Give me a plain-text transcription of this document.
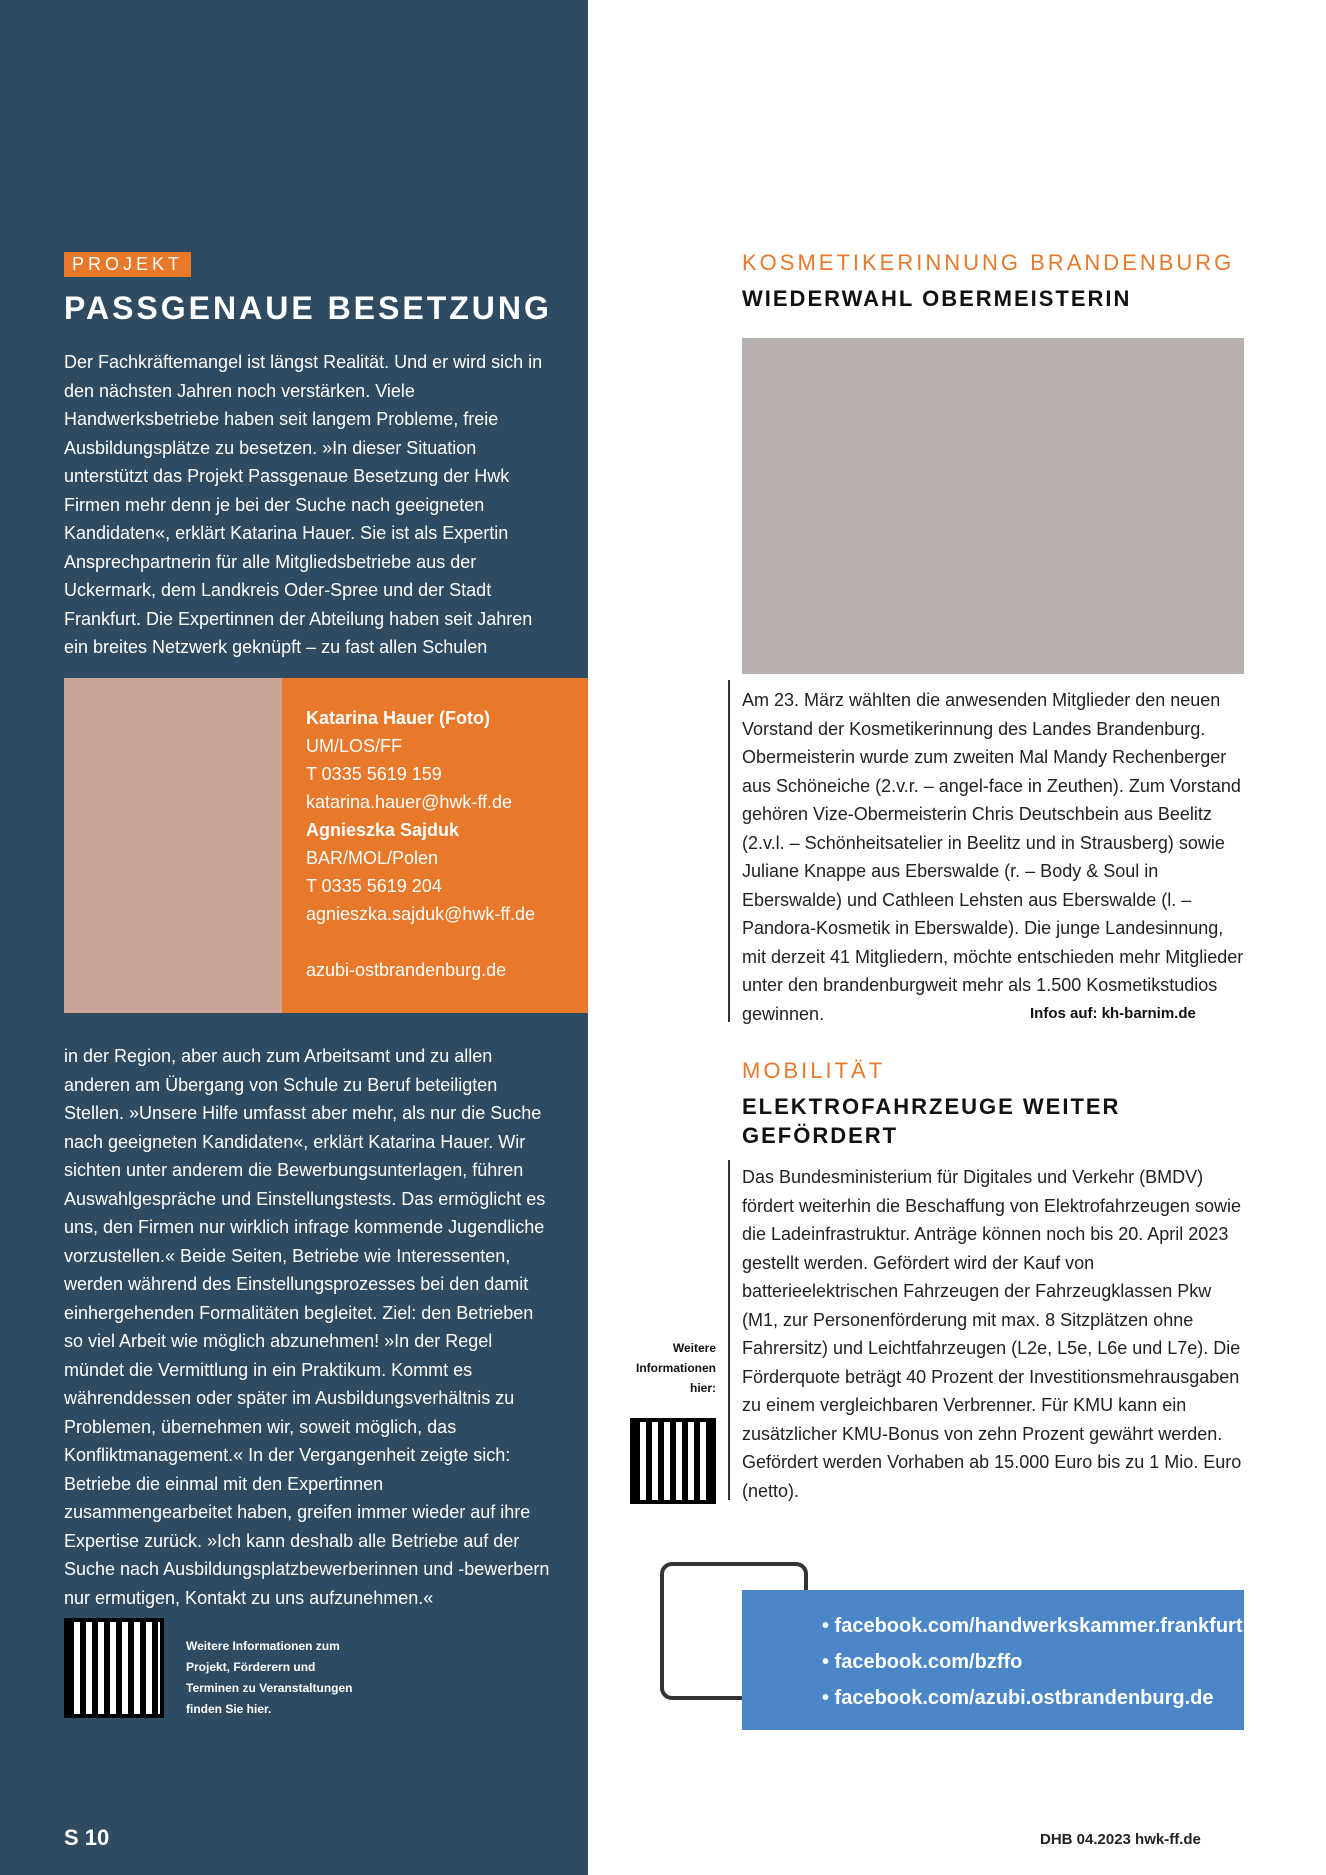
PROJEKT
PASSGENAUE BESETZUNG
Der Fachkräftemangel ist längst Realität. Und er wird sich in den nächsten Jahren noch verstärken. Viele Handwerksbetriebe haben seit langem Probleme, freie Ausbildungsplätze zu besetzen. »In dieser Situation unterstützt das Projekt Passgenaue Besetzung der Hwk Firmen mehr denn je bei der Suche nach geeigneten Kandidaten«, erklärt Katarina Hauer. Sie ist als Expertin Ansprechpartnerin für alle Mitgliedsbetriebe aus der Uckermark, dem Landkreis Oder-Spree und der Stadt Frankfurt. Die Expertinnen der Abteilung haben seit Jahren ein breites Netzwerk geknüpft – zu fast allen Schulen
Katarina Hauer (Foto)
UM/LOS/FF
T 0335 5619 159
katarina.hauer@hwk-ff.de
Agnieszka Sajduk
BAR/MOL/Polen
T 0335 5619 204
agnieszka.sajduk@hwk-ff.de

azubi-ostbrandenburg.de
in der Region, aber auch zum Arbeitsamt und zu allen anderen am Übergang von Schule zu Beruf beteiligten Stellen. »Unsere Hilfe umfasst aber mehr, als nur die Suche nach geeigneten Kandidaten«, erklärt Katarina Hauer. Wir sichten unter anderem die Bewerbungsunterlagen, führen Auswahlgespräche und Einstellungstests. Das ermöglicht es uns, den Firmen nur wirklich infrage kommende Jugendliche vorzustellen.« Beide Seiten, Betriebe wie Interessenten, werden während des Einstellungsprozesses bei den damit einhergehenden Formalitäten begleitet. Ziel: den Betrieben so viel Arbeit wie möglich abzunehmen! »In der Regel mündet die Vermittlung in ein Praktikum. Kommt es währenddessen oder später im Ausbildungsverhältnis zu Problemen, übernehmen wir, soweit möglich, das Konfliktmanagement.« In der Vergangenheit zeigte sich: Betriebe die einmal mit den Expertinnen zusammengearbeitet haben, greifen immer wieder auf ihre Expertise zurück. »Ich kann deshalb alle Betriebe auf der Suche nach Ausbildungsplatzbewerberinnen und -bewerbern nur ermutigen, Kontakt zu uns aufzunehmen.«
Weitere Informationen zum Projekt, Förderern und Terminen zu Veranstaltungen finden Sie hier.
S 10
KOSMETIKERINNUNG BRANDENBURG
WIEDERWAHL OBERMEISTERIN
Am 23. März wählten die anwesenden Mitglieder den neuen Vorstand der Kosmetikerinnung des Landes Brandenburg. Obermeisterin wurde zum zweiten Mal Mandy Rechenberger aus Schöneiche (2.v.r. – angel-face in Zeuthen). Zum Vorstand gehören Vize-Obermeisterin Chris Deutschbein aus Beelitz (2.v.l. – Schönheitsatelier in Beelitz und in Strausberg) sowie Juliane Knappe aus Eberswalde (r. – Body & Soul in Eberswalde) und Cathleen Lehsten aus Eberswalde (l. – Pandora-Kosmetik in Eberswalde). Die junge Landesinnung, mit derzeit 41 Mitgliedern, möchte entschieden mehr Mitglieder unter den brandenburgweit mehr als 1.500 Kosmetikstudios gewinnen.	Infos auf: kh-barnim.de
MOBILITÄT
ELEKTROFAHRZEUGE WEITER GEFÖRDERT
Das Bundesministerium für Digitales und Verkehr (BMDV) fördert weiterhin die Beschaffung von Elektrofahrzeugen sowie die Ladeinfrastruktur. Anträge können noch bis 20. April 2023 gestellt werden. Gefördert wird der Kauf von batterieelektrischen Fahrzeugen der Fahrzeugklassen Pkw (M1, zur Personenförderung mit max. 8 Sitzplätzen ohne Fahrersitz) und Leichtfahrzeugen (L2e, L5e, L6e und L7e). Die Förderquote beträgt 40 Prozent der Investitionsmehrausgaben zu einem vergleichbaren Verbrenner. Für KMU kann ein zusätzlicher KMU-Bonus von zehn Prozent gewährt werden. Gefördert werden Vorhaben ab 15.000 Euro bis zu 1 Mio. Euro (netto).
Weitere Informationen hier:
• facebook.com/handwerkskammer.frankfurt
• facebook.com/bzffo
• facebook.com/azubi.ostbrandenburg.de
DHB 04.2023 hwk-ff.de
